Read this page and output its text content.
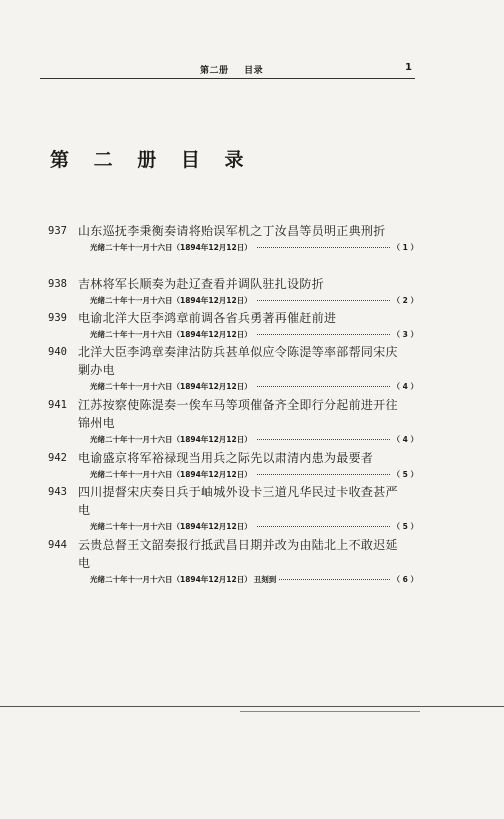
第二册 目录	1
第 二 册 目 录
937 山东巡抚李秉衡奏请将贻误军机之丁汝昌等员明正典刑折
光绪二十年十一月十六日（1894年12月12日）	（ 1 ）
938 吉林将军长顺奏为赴辽查看并调队驻扎设防折
光绪二十年十一月十六日（1894年12月12日）	（ 2 ）
939 电谕北洋大臣李鸿章前调各省兵勇著再催赶前进
光绪二十年十一月十六日（1894年12月12日）	（ 3 ）
940 北洋大臣李鸿章奏津沽防兵甚单似应令陈湜等率部帮同宋庆剿办电
光绪二十年十一月十六日（1894年12月12日）	（ 4 ）
941 江苏按察使陈湜奏一俟车马等项催备齐全即行分起前进开往锦州电
光绪二十年十一月十六日（1894年12月12日）	（ 4 ）
942 电谕盛京将军裕禄现当用兵之际先以肃清内患为最要者
光绪二十年十一月十六日（1894年12月12日）	（ 5 ）
943 四川提督宋庆奏日兵于岫城外设卡三道凡华民过卡收查甚严电
光绪二十年十一月十六日（1894年12月12日）	（ 5 ）
944 云贵总督王文韶奏报行抵武昌日期并改为由陆北上不敢迟延电
光绪二十年十一月十六日（1894年12月12日） 丑刻到	（ 6 ）
